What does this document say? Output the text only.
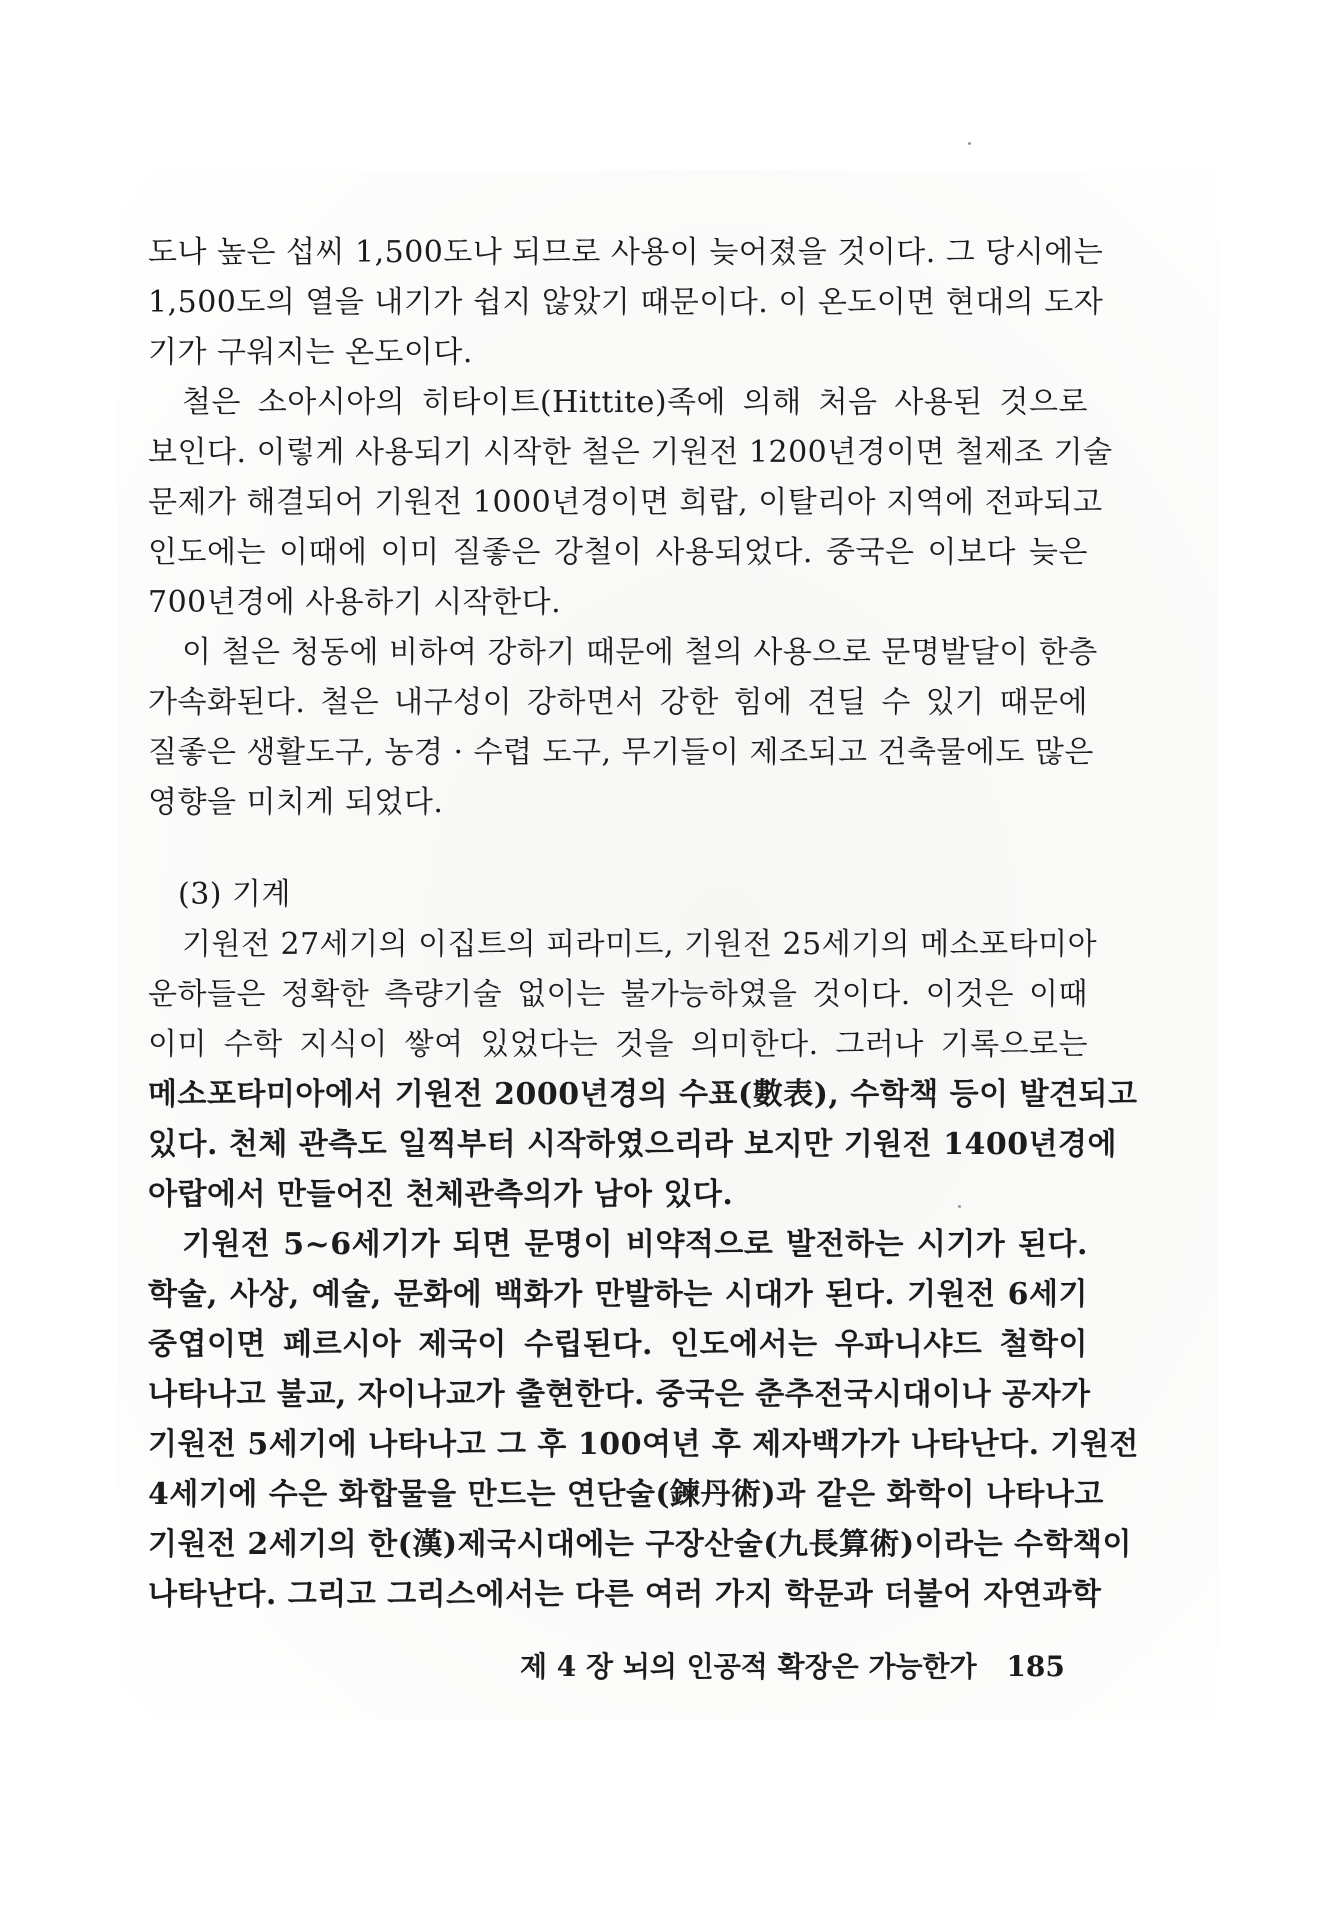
도나 높은 섭씨 1,500도나 되므로 사용이 늦어졌을 것이다. 그 당시에는
1,500도의 열을 내기가 쉽지 않았기 때문이다. 이 온도이면 현대의 도자
기가 구워지는 온도이다.

철은 소아시아의 히타이트(Hittite)족에 의해 처음 사용된 것으로
보인다. 이렇게 사용되기 시작한 철은 기원전 1200년경이면 철제조 기술
문제가 해결되어 기원전 1000년경이면 희랍, 이탈리아 지역에 전파되고
인도에는 이때에 이미 질좋은 강철이 사용되었다. 중국은 이보다 늦은
700년경에 사용하기 시작한다.

이 철은 청동에 비하여 강하기 때문에 철의 사용으로 문명발달이 한층
가속화된다. 철은 내구성이 강하면서 강한 힘에 견딜 수 있기 때문에
질좋은 생활도구, 농경 · 수렵 도구, 무기들이 제조되고 건축물에도 많은
영향을 미치게 되었다.

(3) 기계

기원전 27세기의 이집트의 피라미드, 기원전 25세기의 메소포타미아
운하들은 정확한 측량기술 없이는 불가능하였을 것이다. 이것은 이때
이미 수학 지식이 쌓여 있었다는 것을 의미한다. 그러나 기록으로는
메소포타미아에서 기원전 2000년경의 수표(數表), 수학책 등이 발견되고
있다. 천체 관측도 일찍부터 시작하였으리라 보지만 기원전 1400년경에
아랍에서 만들어진 천체관측의가 남아 있다.

기원전 5~6세기가 되면 문명이 비약적으로 발전하는 시기가 된다.
학술, 사상, 예술, 문화에 백화가 만발하는 시대가 된다. 기원전 6세기
중엽이면 페르시아 제국이 수립된다. 인도에서는 우파니샤드 철학이
나타나고 불교, 자이나교가 출현한다. 중국은 춘추전국시대이나 공자가
기원전 5세기에 나타나고 그 후 100여년 후 제자백가가 나타난다. 기원전
4세기에 수은 화합물을 만드는 연단술(鍊丹術)과 같은 화학이 나타나고
기원전 2세기의 한(漢)제국시대에는 구장산술(九長算術)이라는 수학책이
나타난다. 그리고 그리스에서는 다른 여러 가지 학문과 더불어 자연과학

제 4 장 뇌의 인공적 확장은 가능한가 185
